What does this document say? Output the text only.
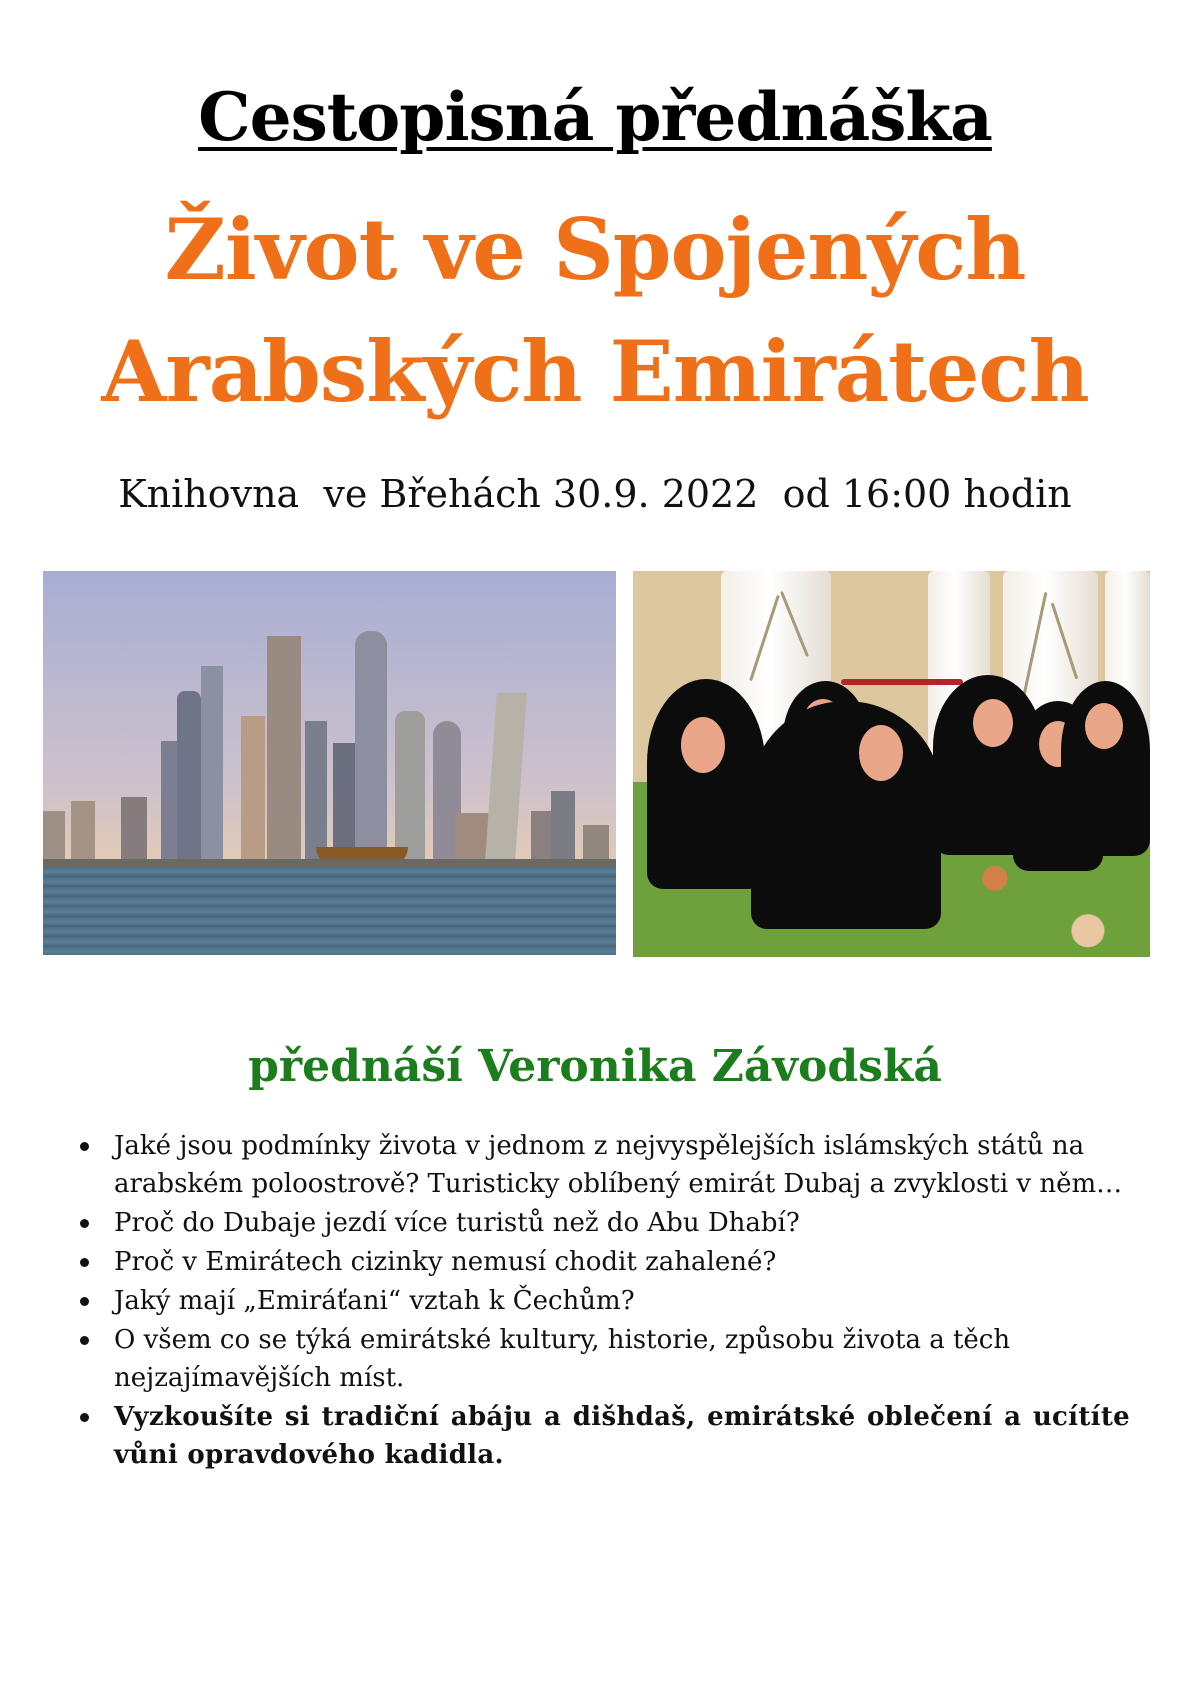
Cestopisná přednáška
Život ve Spojených
Arabských Emirátech
Knihovna  ve Břehách 30.9. 2022  od 16:00 hodin
přednáší Veronika Závodská
Jaké jsou podmínky života v jednom z nejvyspělejších islámských států na arabském poloostrově? Turisticky oblíbený emirát Dubaj a zvyklosti v něm…
Proč do Dubaje jezdí více turistů než do Abu Dhabí?
Proč v Emirátech cizinky nemusí chodit zahalené?
Jaký mají „Emiráťani“ vztah k Čechům?
O všem co se týká emirátské kultury, historie, způsobu života a těch nejzajímavějších míst.
Vyzkoušíte si tradiční abáju a dišhdaš, emirátské oblečení a ucítíte vůni opravdového kadidla.
